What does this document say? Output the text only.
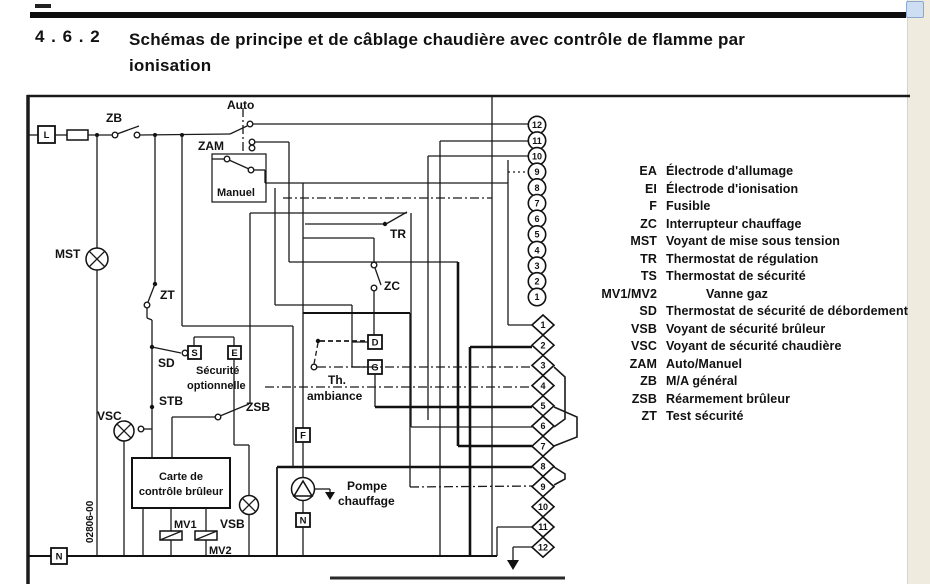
4 . 6 . 2 Schémas de principe et de câblage chaudière avec contrôle de flamme par
ionisation
EA Électrode d'allumage
EI Électrode d'ionisation
F Fusible
ZC Interrupteur chauffage
MST Voyant de mise sous tension
TR Thermostat de régulation
TS Thermostat de sécurité
MV1/MV2	Vanne gaz
SD Thermostat de sécurité de débordement
VSB Voyant de sécurité brûleur
VSC Voyant de sécurité chaudière
ZAM Auto/Manuel
ZB M/A général
ZSB Réarmement brûleur
ZT Test sécurité
L
ZB
Auto
ZAM
Manuel
TR
ZC
D
G
Th.
ambiance
MST
ZT
SD
S	E
Sécurité
optionnelle
STB
VSC
ZSB
Carte de
contrôle brûleur
MV1
MV2
VSB
02806-00
N
F
Pompe
chauffage
N
12
11
10
9
8
7
6
5
4
3
2
1
1
2
3
4
5
6
7
8
9
10
11
12
